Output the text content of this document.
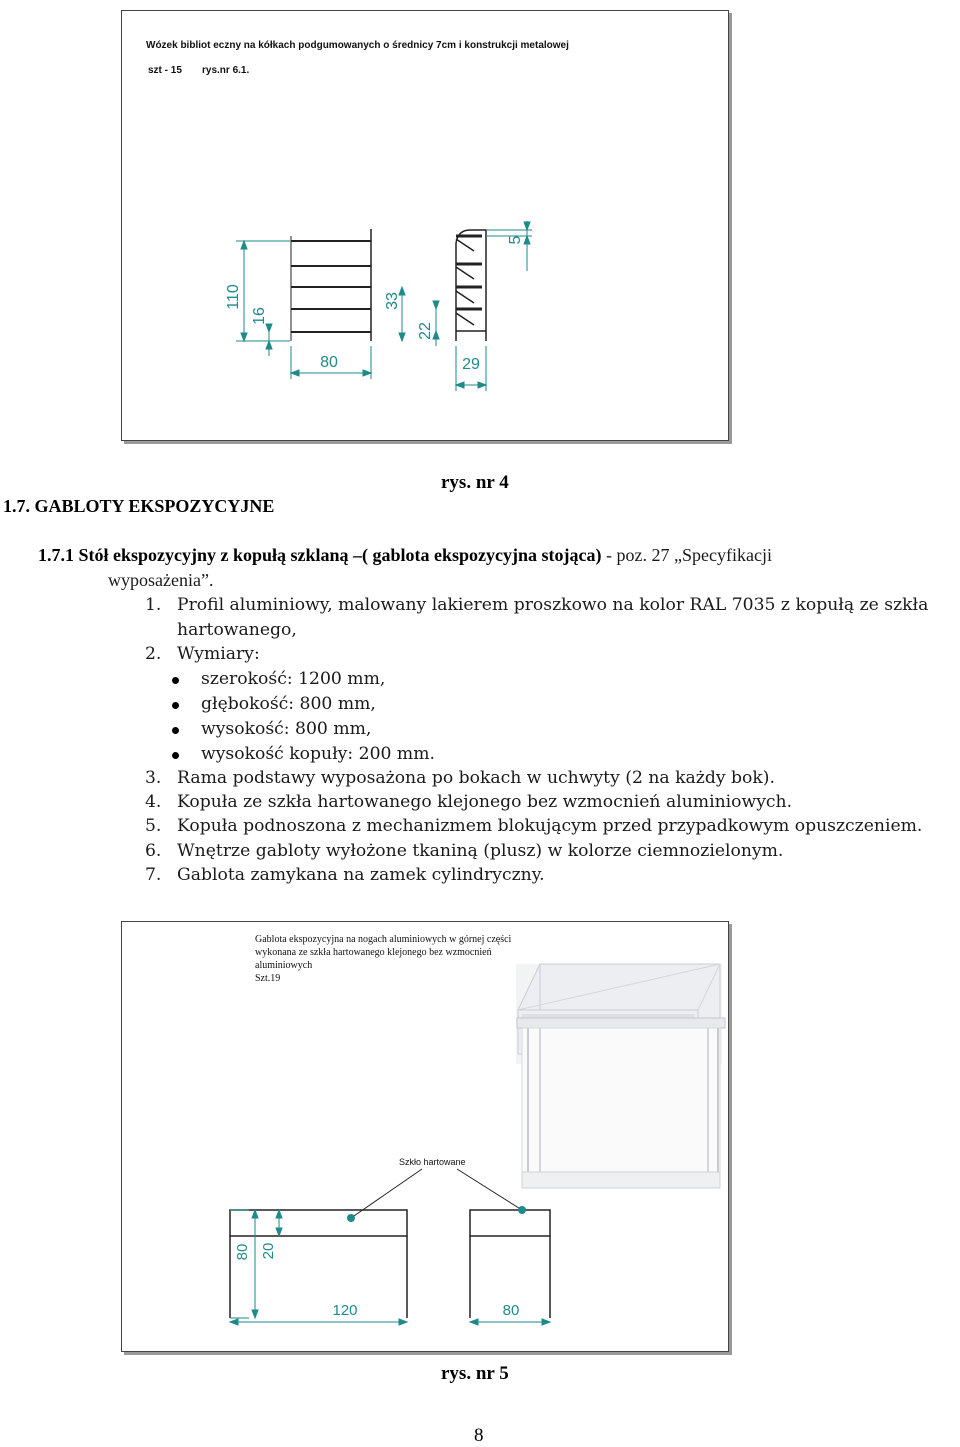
Wózek bibliot eczny na kółkach podgumowanych o średnicy 7cm i konstrukcji metalowej
szt - 15 rys.nr 6.1.
110
16
80
33
22
29
5
rys. nr 4
1.7. GABLOTY EKSPOZYCYJNE
1.7.1 Stół ekspozycyjny z kopułą szklaną –( gablota ekspozycyjna stojąca) - poz. 27 „Specyfikacji
wyposażenia”.
1. Profil aluminiowy, malowany lakierem proszkowo na kolor RAL 7035 z kopułą ze szkła
hartowanego,
2. Wymiary:
szerokość: 1200 mm,
głębokość: 800 mm,
wysokość: 800 mm,
wysokość kopuły: 200 mm.
3. Rama podstawy wyposażona po bokach w uchwyty (2 na każdy bok).
4. Kopuła ze szkła hartowanego klejonego bez wzmocnień aluminiowych.
5. Kopuła podnoszona z mechanizmem blokującym przed przypadkowym opuszczeniem.
6. Wnętrze gabloty wyłożone tkaniną (plusz) w kolorze ciemnozielonym.
7. Gablota zamykana na zamek cylindryczny.
Gablota ekspozycyjna na nogach aluminiowych w górnej części
wykonana ze szkła hartowanego klejonego bez wzmocnień
aluminiowych
Szt.19
Szkło hartowane
80 20
120	80
rys. nr 5
8
